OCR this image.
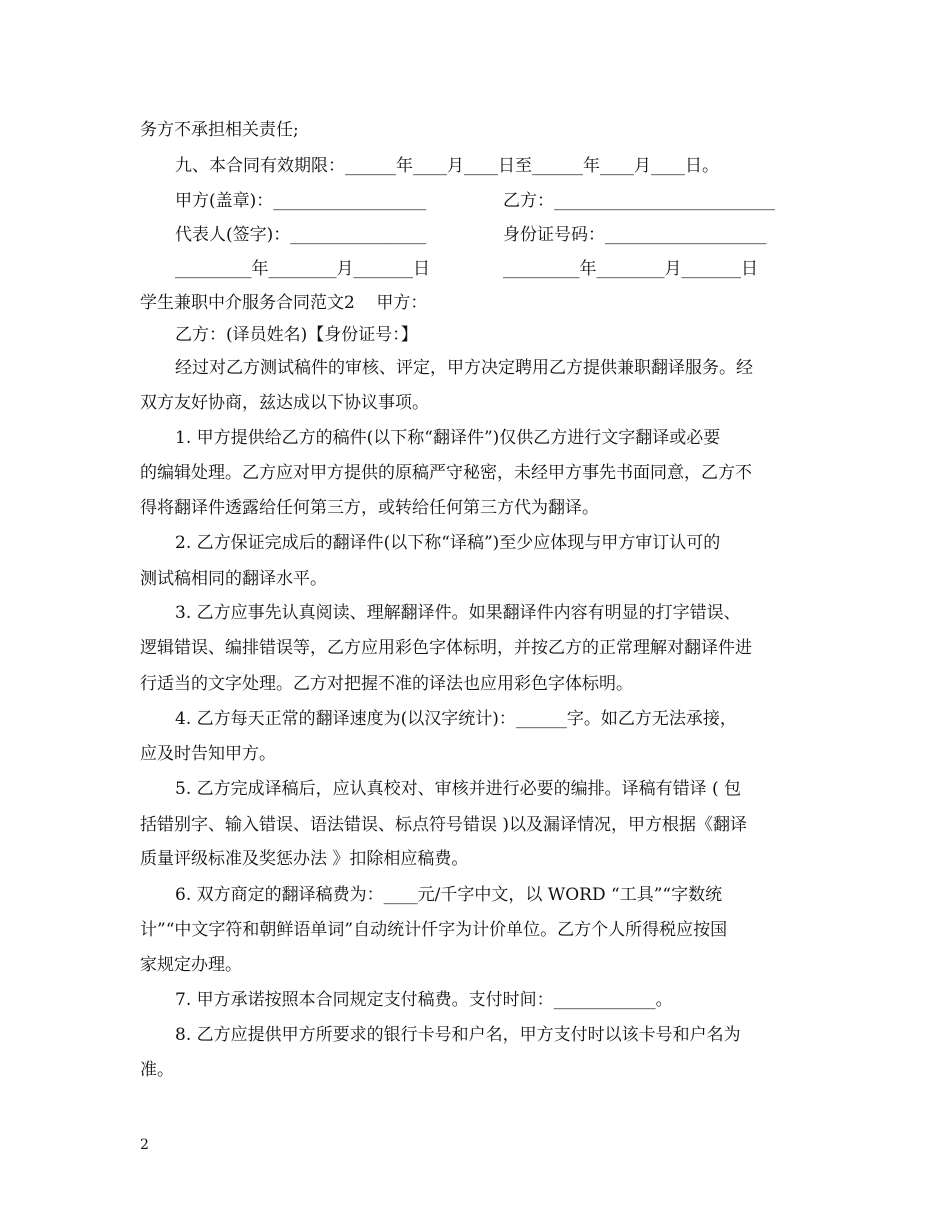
务方不承担相关责任;
九、本合同有效期限：______年____月____日至______年____月____日。
甲方(盖章)：__________________	乙方：__________________________
代表人(签字)：________________	身份证号码：___________________
_________年________月_______日	_________年________月_______日
学生兼职中介服务合同范文2    甲方：
乙方：(译员姓名)【身份证号：】
经过对乙方测试稿件的审核、评定，甲方决定聘用乙方提供兼职翻译服务。经
双方友好协商，兹达成以下协议事项。
1. 甲方提供给乙方的稿件(以下称“翻译件”)仅供乙方进行文字翻译或必要
的编辑处理。乙方应对甲方提供的原稿严守秘密，未经甲方事先书面同意，乙方不
得将翻译件透露给任何第三方，或转给任何第三方代为翻译。
2. 乙方保证完成后的翻译件(以下称“译稿”)至少应体现与甲方审订认可的
测试稿相同的翻译水平。
3. 乙方应事先认真阅读、理解翻译件。如果翻译件内容有明显的打字错误、
逻辑错误、编排错误等，乙方应用彩色字体标明，并按乙方的正常理解对翻译件进
行适当的文字处理。乙方对把握不准的译法也应用彩色字体标明。
4. 乙方每天正常的翻译速度为(以汉字统计)：______字。如乙方无法承接，
应及时告知甲方。
5. 乙方完成译稿后，应认真校对、审核并进行必要的编排。译稿有错译 ( 包
括错别字、输入错误、语法错误、标点符号错误 )以及漏译情况，甲方根据《翻译
质量评级标准及奖惩办法 》扣除相应稿费。
6. 双方商定的翻译稿费为：____元/千字中文，以 WORD “工具”“字数统
计”“中文字符和朝鲜语单词”自动统计仟字为计价单位。乙方个人所得税应按国
家规定办理。
7. 甲方承诺按照本合同规定支付稿费。支付时间：____________。
8. 乙方应提供甲方所要求的银行卡号和户名，甲方支付时以该卡号和户名为
准。
2
